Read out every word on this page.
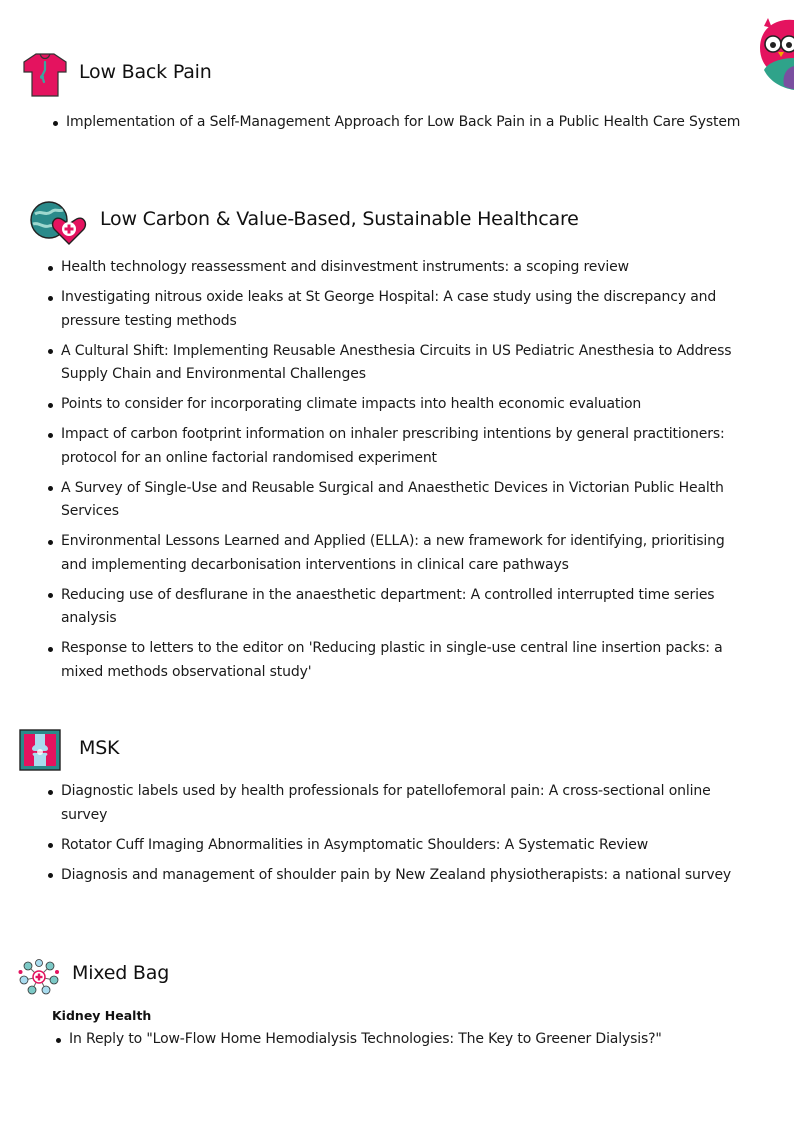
Low Back Pain
Implementation of a Self-Management Approach for Low Back Pain in a Public Health Care System
Low Carbon & Value-Based, Sustainable Healthcare
Health technology reassessment and disinvestment instruments: a scoping review
Investigating nitrous oxide leaks at St George Hospital: A case study using the discrepancy and pressure testing methods
A Cultural Shift: Implementing Reusable Anesthesia Circuits in US Pediatric Anesthesia to Address Supply Chain and Environmental Challenges
Points to consider for incorporating climate impacts into health economic evaluation
Impact of carbon footprint information on inhaler prescribing intentions by general practitioners: protocol for an online factorial randomised experiment
A Survey of Single-Use and Reusable Surgical and Anaesthetic Devices in Victorian Public Health Services
Environmental Lessons Learned and Applied (ELLA): a new framework for identifying, prioritising and implementing decarbonisation interventions in clinical care pathways
Reducing use of desflurane in the anaesthetic department: A controlled interrupted time series analysis
Response to letters to the editor on 'Reducing plastic in single-use central line insertion packs: a mixed methods observational study'
MSK
Diagnostic labels used by health professionals for patellofemoral pain: A cross-sectional online survey
Rotator Cuff Imaging Abnormalities in Asymptomatic Shoulders: A Systematic Review
Diagnosis and management of shoulder pain by New Zealand physiotherapists: a national survey
Mixed Bag
Kidney Health
In Reply to "Low-Flow Home Hemodialysis Technologies: The Key to Greener Dialysis?"
